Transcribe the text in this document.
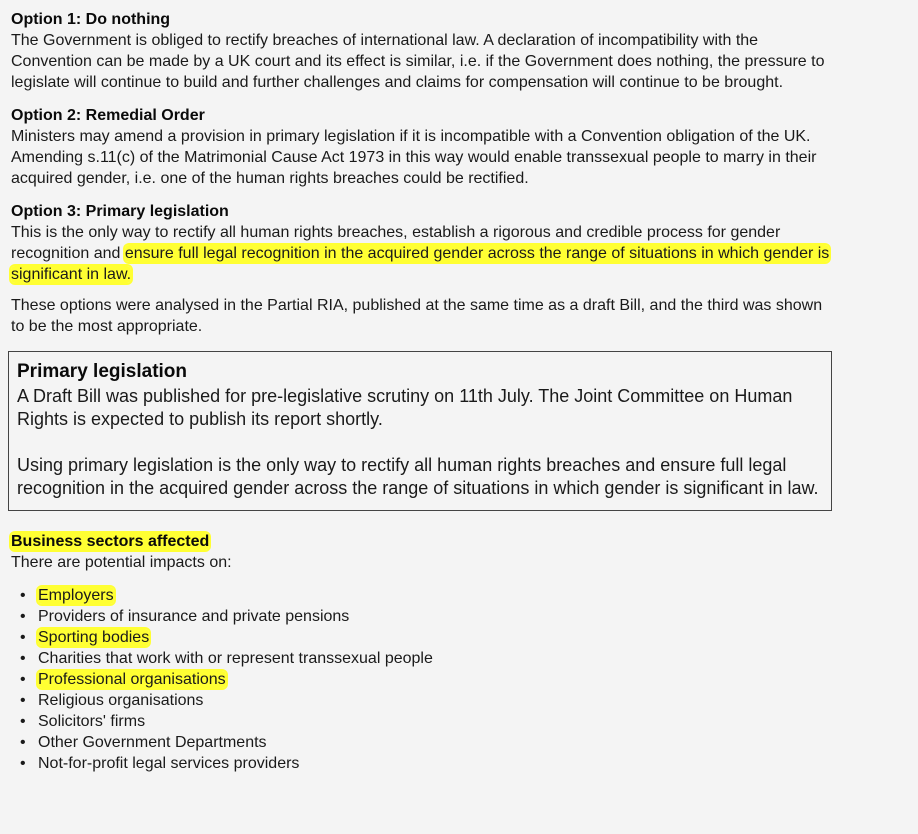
Option 1: Do nothing

The Government is obliged to rectify breaches of international law. A declaration of incompatibility with the Convention can be made by a UK court and its effect is similar, i.e. if the Government does nothing, the pressure to legislate will continue to build and further challenges and claims for compensation will continue to be brought.

Option 2: Remedial Order

Ministers may amend a provision in primary legislation if it is incompatible with a Convention obligation of the UK. Amending s.11(c) of the Matrimonial Cause Act 1973 in this way would enable transsexual people to marry in their acquired gender, i.e. one of the human rights breaches could be rectified.

Option 3: Primary legislation

This is the only way to rectify all human rights breaches, establish a rigorous and credible process for gender recognition and ensure full legal recognition in the acquired gender across the range of situations in which gender is significant in law.

These options were analysed in the Partial RIA, published at the same time as a draft Bill, and the third was shown to be the most appropriate.

Primary legislation

A Draft Bill was published for pre-legislative scrutiny on 11th July. The Joint Committee on Human Rights is expected to publish its report shortly.

Using primary legislation is the only way to rectify all human rights breaches and ensure full legal recognition in the acquired gender across the range of situations in which gender is significant in law.

Business sectors affected

There are potential impacts on:

• Employers
• Providers of insurance and private pensions
• Sporting bodies
• Charities that work with or represent transsexual people
• Professional organisations
• Religious organisations
• Solicitors' firms
• Other Government Departments
• Not-for-profit legal services providers
